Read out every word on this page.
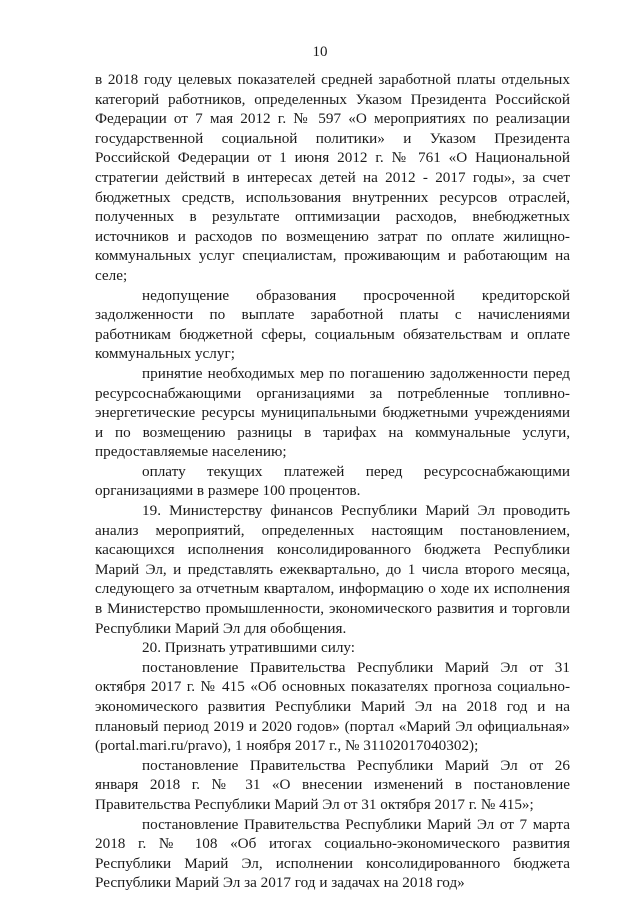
10

в 2018 году целевых показателей средней заработной платы отдельных категорий работников, определенных Указом Президента Российской Федерации от 7 мая 2012 г. № 597 «О мероприятиях по реализации государственной социальной политики» и Указом Президента Российской Федерации от 1 июня 2012 г. № 761 «О Национальной стратегии действий в интересах детей на 2012 - 2017 годы», за счет бюджетных средств, использования внутренних ресурсов отраслей, полученных в результате оптимизации расходов, внебюджетных источников и расходов по возмещению затрат по оплате жилищно-коммунальных услуг специалистам, проживающим и работающим на селе;

недопущение образования просроченной кредиторской задолженности по выплате заработной платы с начислениями работникам бюджетной сферы, социальным обязательствам и оплате коммунальных услуг;

принятие необходимых мер по погашению задолженности перед ресурсоснабжающими организациями за потребленные топливно-энергетические ресурсы муниципальными бюджетными учреждениями и по возмещению разницы в тарифах на коммунальные услуги, предоставляемые населению;

оплату текущих платежей перед ресурсоснабжающими организациями в размере 100 процентов.

19. Министерству финансов Республики Марий Эл проводить анализ мероприятий, определенных настоящим постановлением, касающихся исполнения консолидированного бюджета Республики Марий Эл, и представлять ежеквартально, до 1 числа второго месяца, следующего за отчетным кварталом, информацию о ходе их исполнения в Министерство промышленности, экономического развития и торговли Республики Марий Эл для обобщения.

20. Признать утратившими силу:

постановление Правительства Республики Марий Эл от 31 октября 2017 г. № 415 «Об основных показателях прогноза социально-экономического развития Республики Марий Эл на 2018 год и на плановый период 2019 и 2020 годов» (портал «Марий Эл официальная» (portal.mari.ru/pravo), 1 ноября 2017 г., № 31102017040302);

постановление Правительства Республики Марий Эл от 26 января 2018 г. № 31 «О внесении изменений в постановление Правительства Республики Марий Эл от 31 октября 2017 г. № 415»;

постановление Правительства Республики Марий Эл от 7 марта 2018 г. № 108 «Об итогах социально-экономического развития Республики Марий Эл, исполнении консолидированного бюджета Республики Марий Эл за 2017 год и задачах на 2018 год»
